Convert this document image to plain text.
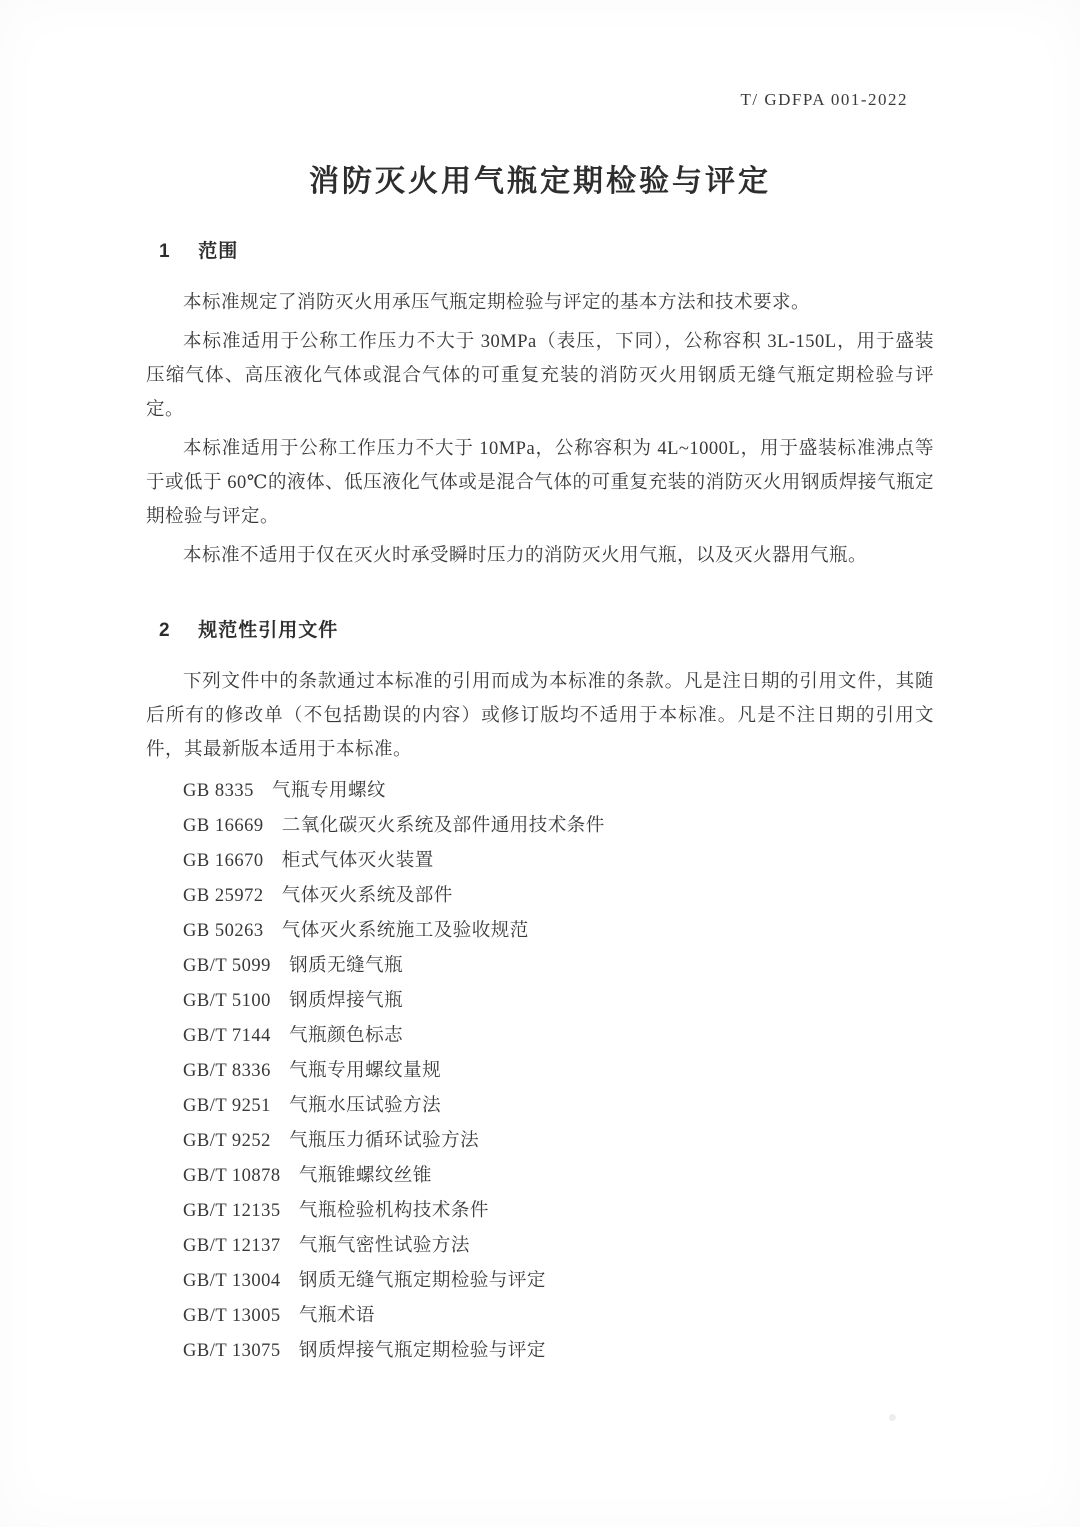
T/ GDFPA 001-2022
消防灭火用气瓶定期检验与评定
1 范围

本标准规定了消防灭火用承压气瓶定期检验与评定的基本方法和技术要求。

本标准适用于公称工作压力不大于 30MPa（表压，下同），公称容积 3L-150L，用于盛装压缩气体、高压液化气体或混合气体的可重复充装的消防灭火用钢质无缝气瓶定期检验与评定。

本标准适用于公称工作压力不大于 10MPa，公称容积为 4L~1000L，用于盛装标准沸点等于或低于 60℃的液体、低压液化气体或是混合气体的可重复充装的消防灭火用钢质焊接气瓶定期检验与评定。

本标准不适用于仅在灭火时承受瞬时压力的消防灭火用气瓶，以及灭火器用气瓶。

2 规范性引用文件

下列文件中的条款通过本标准的引用而成为本标准的条款。凡是注日期的引用文件，其随后所有的修改单（不包括勘误的内容）或修订版均不适用于本标准。凡是不注日期的引用文件，其最新版本适用于本标准。

GB 8335 气瓶专用螺纹
GB 16669 二氧化碳灭火系统及部件通用技术条件
GB 16670 柜式气体灭火装置
GB 25972 气体灭火系统及部件
GB 50263 气体灭火系统施工及验收规范
GB/T 5099 钢质无缝气瓶
GB/T 5100 钢质焊接气瓶
GB/T 7144 气瓶颜色标志
GB/T 8336 气瓶专用螺纹量规
GB/T 9251 气瓶水压试验方法
GB/T 9252 气瓶压力循环试验方法
GB/T 10878 气瓶锥螺纹丝锥
GB/T 12135 气瓶检验机构技术条件
GB/T 12137 气瓶气密性试验方法
GB/T 13004 钢质无缝气瓶定期检验与评定
GB/T 13005 气瓶术语
GB/T 13075 钢质焊接气瓶定期检验与评定
